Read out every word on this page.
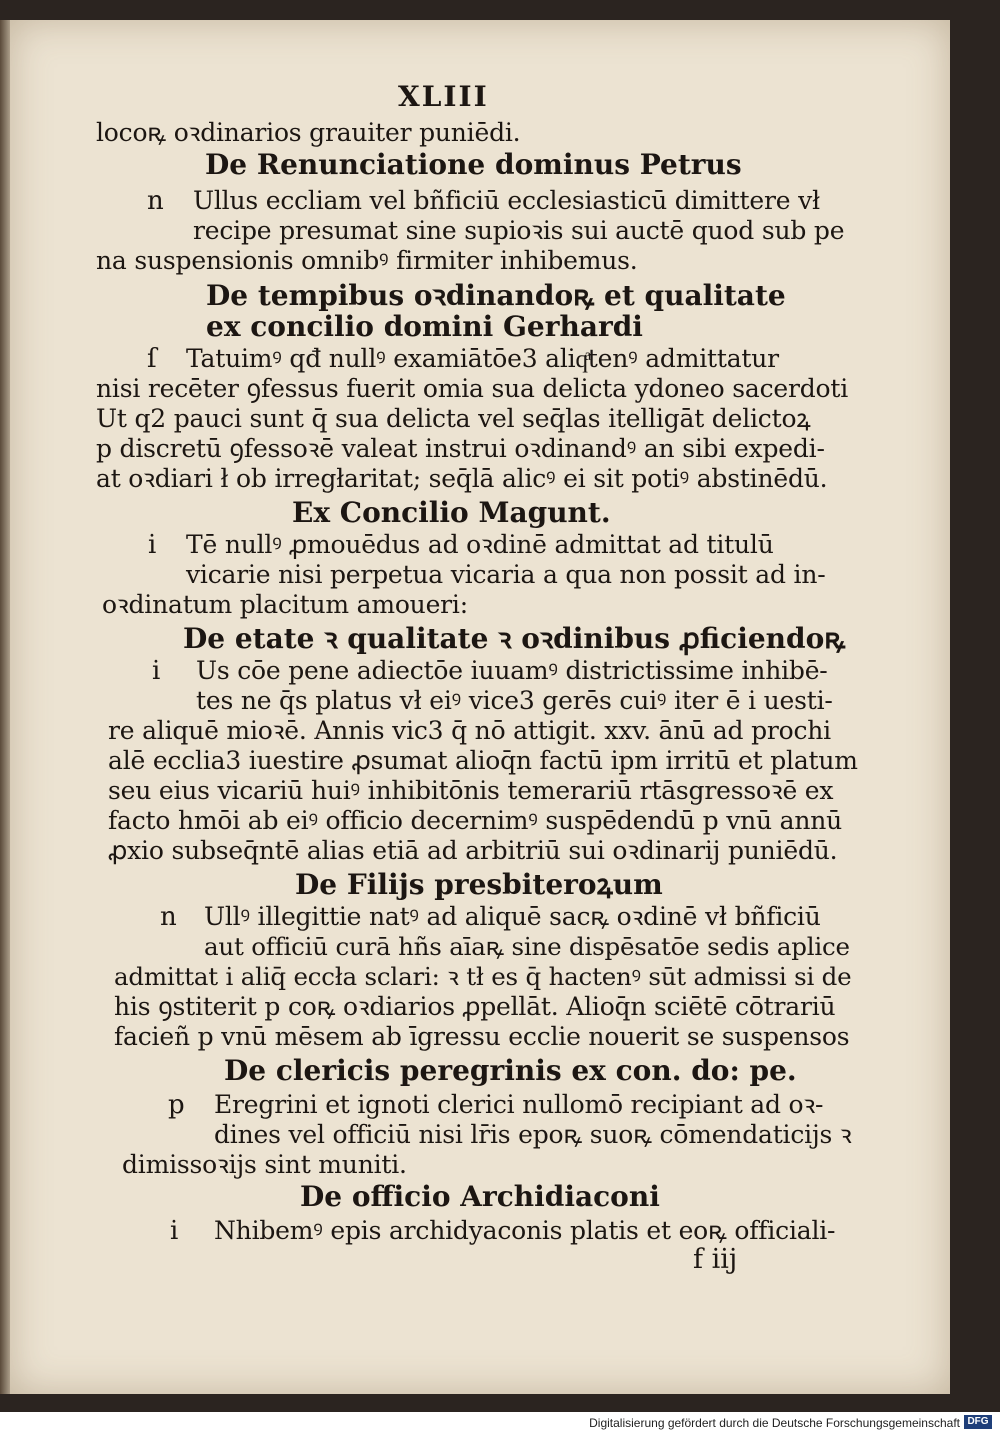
XLIII
locoꝶ oꝛdinarios grauiter puniēdi.
De Renunciatione dominus Petrus
n Ullus eccliam vel bñficiū ecclesiasticū dimittere vł
recipe presumat sine supioꝛis sui auctē quod sub pe
na suspensionis omnibꝰ firmiter inhibemus.
De tempibus oꝛdinandoꝶ et qualitate
ex concilio domini Gerhardi
ſ Tatuimꝰ qđ nullꝰ examiātōe3 aliqͣtenꝰ admittatur
nisi recēter ꝯfessus fuerit omia sua delicta ydoneo sacerdoti
Ut q2 pauci sunt q̄ sua delicta vel seq̄las itelligāt delictoꝝ
p discretū ꝯfessoꝛē valeat instrui oꝛdinandꝰ an sibi expedi-
at oꝛdiari ł ob irregłaritat; seq̄lā alicꝰ ei sit potiꝰ abstinēdū.
Ex Concilio Magunt.
i Tē nullꝰ ꝓmouēdus ad oꝛdinē admittat ad titulū
vicarie nisi perpetua vicaria a qua non possit ad in-
oꝛdinatum placitum amoueri:
De etate ꝛ qualitate ꝛ oꝛdinibus ꝓficiendoꝶ
i Us cōe pene adiectōe iuuamꝰ districtissime inhibē-
tes ne q̄s platus vł eiꝰ vice3 gerēs cuiꝰ iter ē i uesti-
re aliquē mioꝛē. Annis vic3 q̄ nō attigit. xxv. ānū ad prochi
alē ecclia3 iuestire ꝓsumat alioq̄n factū ipm irritū et platum
seu eius vicariū huiꝰ inhibitōnis temerariū rtāsgressoꝛē ex
facto hmōi ab eiꝰ officio decernimꝰ suspēdendū p vnū annū
ꝓxio subseq̄ntē alias etiā ad arbitriū sui oꝛdinarij puniēdū.
De Filijs presbiteroꝝum
n Ullꝰ illegittie natꝰ ad aliquē sacꝶ oꝛdinē vł bñficiū
aut officiū curā hñs aīaꝶ sine dispēsatōe sedis aplice
admittat i aliq̄ eccła sclari: ꝛ tł es q̄ hactenꝰ sūt admissi si de
his ꝯstiterit p coꝶ oꝛdiarios ꝓpellāt. Alioq̄n sciētē cōtrariū
facieñ p vnū mēsem ab īgressu ecclie nouerit se suspensos
De clericis peregrinis ex con. do: pe.
p Eregrini et ignoti clerici nullomō recipiant ad oꝛ-
dines vel officiū nisi lr̄is epoꝶ suoꝶ cōmendaticijs ꝛ
dimissoꝛijs sint muniti.
De officio Archidiaconi
i Nhibemꝰ epis archidyaconis platis et eoꝶ officiali-
f iij
Digitalisierung gefördert durch die Deutsche Forschungsgemeinschaft DFG
